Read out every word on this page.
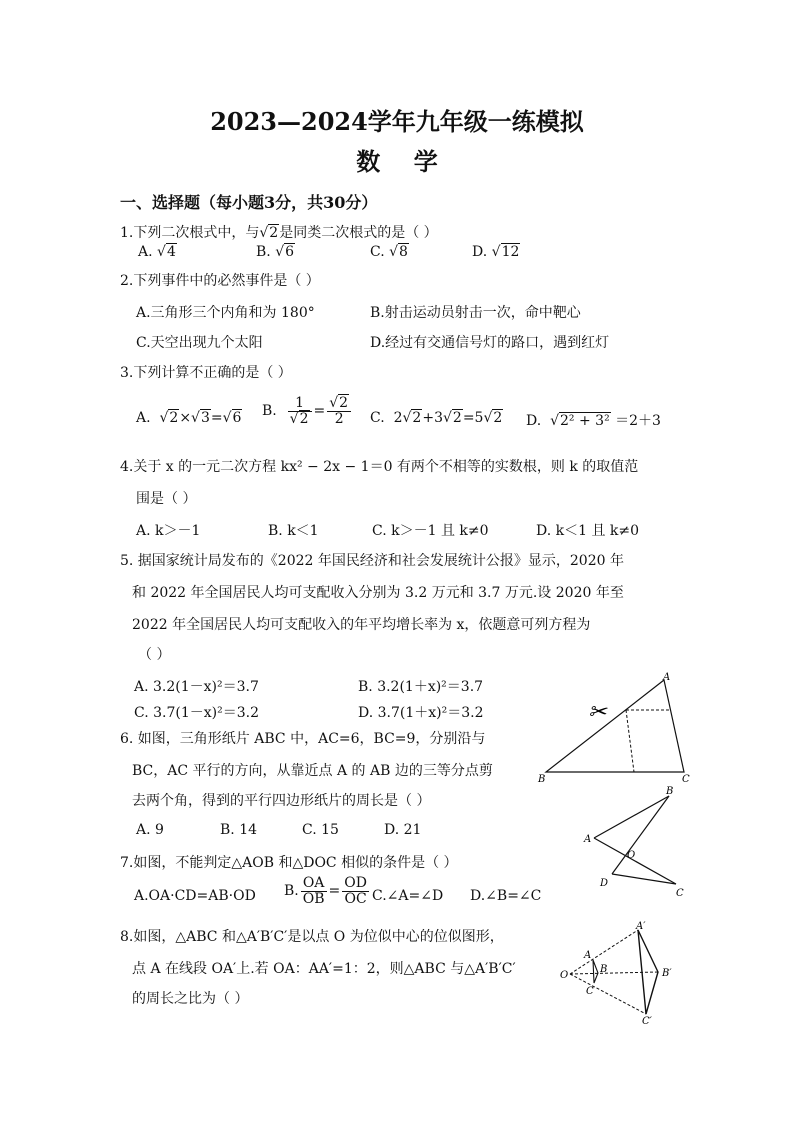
2023—2024学年九年级一练模拟
数    学
一、选择题（每小题3分，共30分）
1.下列二次根式中，与√2是同类二次根式的是（ ）
A. √4	B. √6	C. √8	D. √12
2.下列事件中的必然事件是（ ）
A.三角形三个内角和为 180°	B.射击运动员射击一次，命中靶心
C.天空出现九个太阳	D.经过有交通信号灯的路口，遇到红灯
3.下列计算不正确的是（ ）
A.  √2×√3=√6 B. $\frac{1}{√2} = \frac{√2}{2} C$. 2√2+3√2=5√2 D.  √2² + 3² ＝2＋3
4.关于 x 的一元二次方程 kx² − 2x − 1＝0 有两个不相等的实数根，则 k 的取值范
围是（ ）
A. k＞－1	B. k＜1	C. k＞－1 且 k≠0	D. k＜1 且 k≠0
5. 据国家统计局发布的《2022 年国民经济和社会发展统计公报》显示，2020 年
和 2022 年全国居民人均可支配收入分别为 3.2 万元和 3.7 万元.设 2020 年至
2022 年全国居民人均可支配收入的年平均增长率为 x，依题意可列方程为
（ ）
A. 3.2(1－x)²＝3.7	B. 3.2(1＋x)²＝3.7
C. 3.7(1－x)²＝3.2	D. 3.7(1＋x)²＝3.2
6. 如图，三角形纸片 ABC 中，AC=6，BC=9，分别沿与
BC，AC 平行的方向，从靠近点 A 的 AB 边的三等分点剪
去两个角，得到的平行四边形纸片的周长是（ ）
A. 9	B. 14	C. 15	D. 21
7.如图，不能判定△AOB 和△DOC 相似的条件是（ ）
A.OA·CD=AB·OD B. $\frac{OA}{OB} = \frac{OD}{OC}$ C.∠A=∠D D.∠B=∠C
8.如图，△ABC 和△A′B′C′是以点 O 为位似中心的位似图形，
点 A 在线段 OA′上.若 OA：AA′=1：2，则△ABC 与△A′B′C′
的周长之比为（ ）
✂
A
B	C
A
B
O
C
D
O
A
B
C
A′
B′
C′
